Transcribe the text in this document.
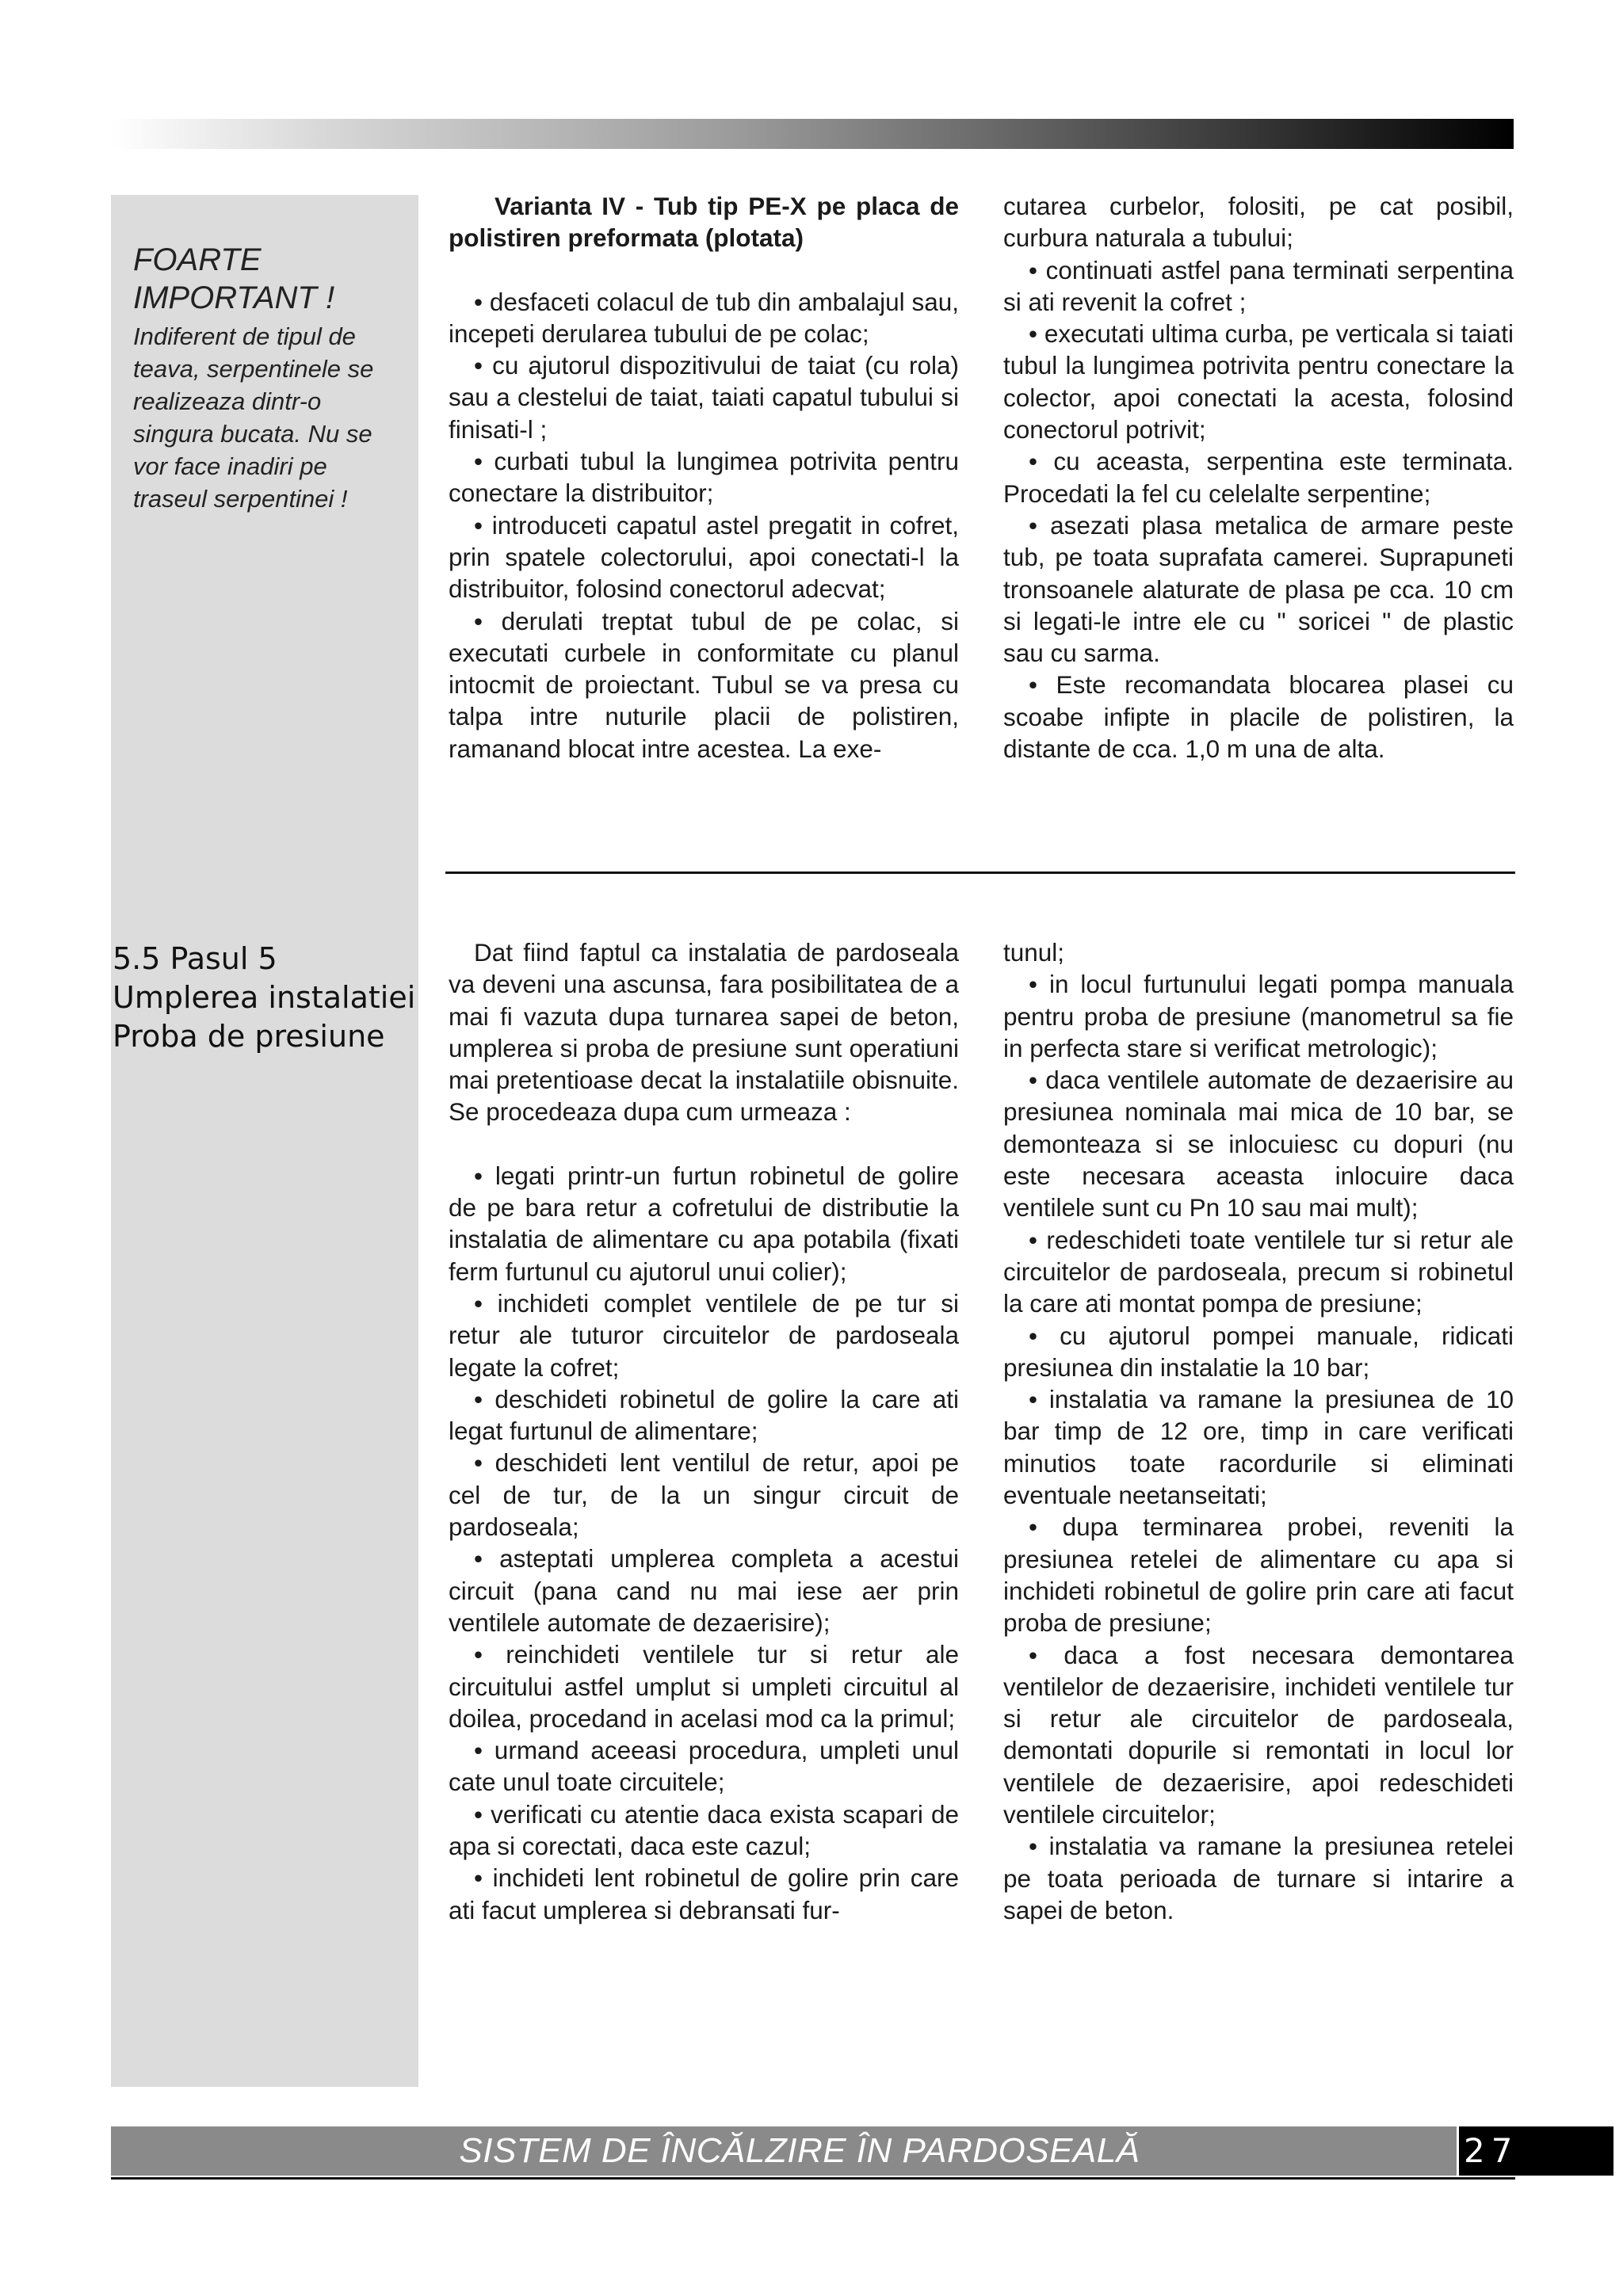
FOARTE IMPORTANT !
Indiferent de tipul de teava, serpentinele se realizeaza dintr-o singura bucata. Nu se vor face inadiri pe traseul serpentinei !

Varianta IV - Tub tip PE-X pe placa de polistiren preformata (plotata)

• desfaceti colacul de tub din ambalajul sau, incepeti derularea tubului de pe colac;

• cu ajutorul dispozitivului de taiat (cu rola) sau a clestelui de taiat, taiati capatul tubului si finisati-l ;

• curbati tubul la lungimea potrivita pentru conectare la distribuitor;

• introduceti capatul astel pregatit in cofret, prin spatele colectorului, apoi conectati-l la distribuitor, folosind conectorul adecvat;

• derulati treptat tubul de pe colac, si executati curbele in conformitate cu planul intocmit de proiectant. Tubul se va presa cu talpa intre nuturile placii de polistiren, ramanand blocat intre acestea. La exe-

cutarea curbelor, folositi, pe cat posibil, curbura naturala a tubului;

• continuati astfel pana terminati serpentina si ati revenit la cofret ;

• executati ultima curba, pe verticala si taiati tubul la lungimea potrivita pentru conectare la colector, apoi conectati la acesta, folosind conectorul potrivit;

• cu aceasta, serpentina este terminata. Procedati la fel cu celelalte serpentine;

• asezati plasa metalica de armare peste tub, pe toata suprafata camerei. Suprapuneti tronsoanele alaturate de plasa pe cca. 10 cm si legati-le intre ele cu " soricei " de plastic sau cu sarma.

• Este recomandata blocarea plasei cu scoabe infipte in placile de polistiren, la distante de cca. 1,0 m una de alta.

5.5 Pasul 5
Umplerea instalatiei
Proba de presiune

Dat fiind faptul ca instalatia de pardoseala va deveni una ascunsa, fara posibilitatea de a mai fi vazuta dupa turnarea sapei de beton, umplerea si proba de presiune sunt operatiuni mai pretentioase decat la instalatiile obisnuite. Se procedeaza dupa cum urmeaza :

• legati printr-un furtun robinetul de golire de pe bara retur a cofretului de distributie la instalatia de alimentare cu apa potabila (fixati ferm furtunul cu ajutorul unui colier);

• inchideti complet ventilele de pe tur si retur ale tuturor circuitelor de pardoseala legate la cofret;

• deschideti robinetul de golire la care ati legat furtunul de alimentare;

• deschideti lent ventilul de retur, apoi pe cel de tur, de la un singur circuit de pardoseala;

• asteptati umplerea completa a acestui circuit (pana cand nu mai iese aer prin ventilele automate de dezaerisire);

• reinchideti ventilele tur si retur ale circuitului astfel umplut si umpleti circuitul al doilea, procedand in acelasi mod ca la primul;

• urmand aceeasi procedura, umpleti unul cate unul toate circuitele;

• verificati cu atentie daca exista scapari de apa si corectati, daca este cazul;

• inchideti lent robinetul de golire prin care ati facut umplerea si debransati fur-

tunul;

• in locul furtunului legati pompa manuala pentru proba de presiune (manometrul sa fie in perfecta stare si verificat metrologic);

• daca ventilele automate de dezaerisire au presiunea nominala mai mica de 10 bar, se demonteaza si se inlocuiesc cu dopuri (nu este necesara aceasta inlocuire daca ventilele sunt cu Pn 10 sau mai mult);

• redeschideti toate ventilele tur si retur ale circuitelor de pardoseala, precum si robinetul la care ati montat pompa de presiune;

• cu ajutorul pompei manuale, ridicati presiunea din instalatie la 10 bar;

• instalatia va ramane la presiunea de 10 bar timp de 12 ore, timp in care verificati minutios toate racordurile si eliminati eventuale neetanseitati;

• dupa terminarea probei, reveniti la presiunea retelei de alimentare cu apa si inchideti robinetul de golire prin care ati facut proba de presiune;

• daca a fost necesara demontarea ventilelor de dezaerisire, inchideti ventilele tur si retur ale circuitelor de pardoseala, demontati dopurile si remontati in locul lor ventilele de dezaerisire, apoi redeschideti ventilele circuitelor;

• instalatia va ramane la presiunea retelei pe toata perioada de turnare si intarire a sapei de beton.

SISTEM DE ÎNCĂLZIRE ÎN PARDOSEALĂ	27
